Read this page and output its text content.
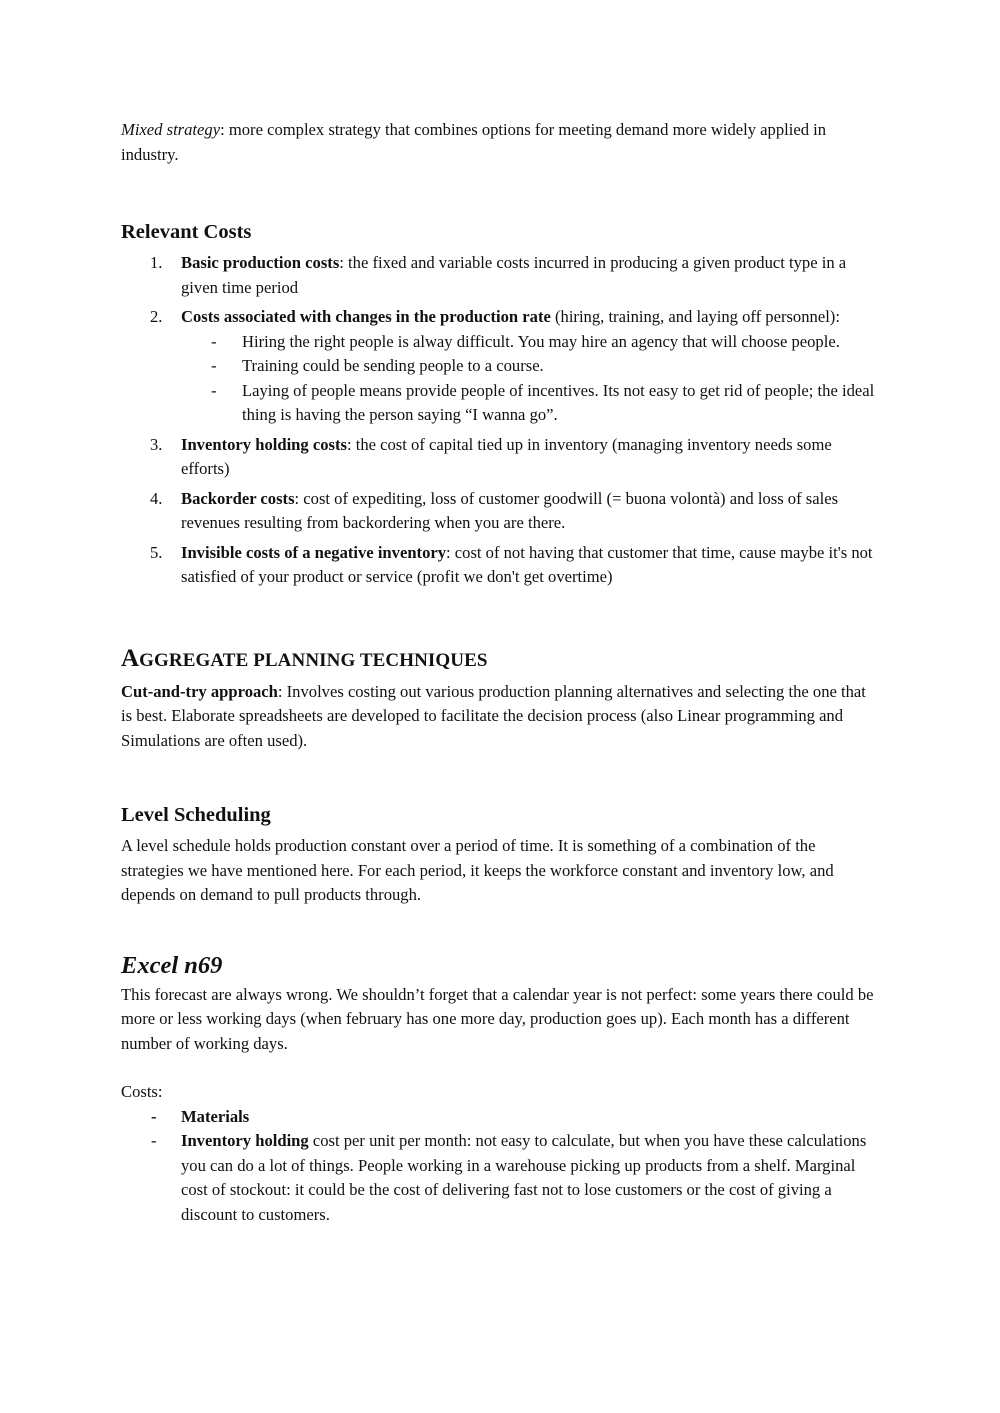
Mixed strategy: more complex strategy that combines options for meeting demand more widely applied in industry.

Relevant Costs
1. Basic production costs: the fixed and variable costs incurred in producing a given product type in a given time period
2. Costs associated with changes in the production rate (hiring, training, and laying off personnel):
- Hiring the right people is alway difficult. You may hire an agency that will choose people.
- Training could be sending people to a course.
- Laying of people means provide people of incentives. Its not easy to get rid of people; the ideal thing is having the person saying “I wanna go”.
3. Inventory holding costs: the cost of capital tied up in inventory (managing inventory needs some efforts)
4. Backorder costs: cost of expediting, loss of customer goodwill (= buona volontà) and loss of sales revenues resulting from backordering when you are there.
5. Invisible costs of a negative inventory: cost of not having that customer that time, cause maybe it's not satisfied of your product or service (profit we don't get overtime)
AGGREGATE PLANNING TECHNIQUES

Cut-and-try approach: Involves costing out various production planning alternatives and selecting the one that is best. Elaborate spreadsheets are developed to facilitate the decision process (also Linear programming and Simulations are often used).

Level Scheduling

A level schedule holds production constant over a period of time. It is something of a combination of the strategies we have mentioned here. For each period, it keeps the workforce constant and inventory low, and depends on demand to pull products through.

Excel n69

This forecast are always wrong. We shouldn’t forget that a calendar year is not perfect: some years there could be more or less working days (when february has one more day, production goes up). Each month has a different number of working days.

Costs:

- Materials
- Inventory holding cost per unit per month: not easy to calculate, but when you have these calculations you can do a lot of things. People working in a warehouse picking up products from a shelf. Marginal cost of stockout: it could be the cost of delivering fast not to lose customers or the cost of giving a discount to customers.
